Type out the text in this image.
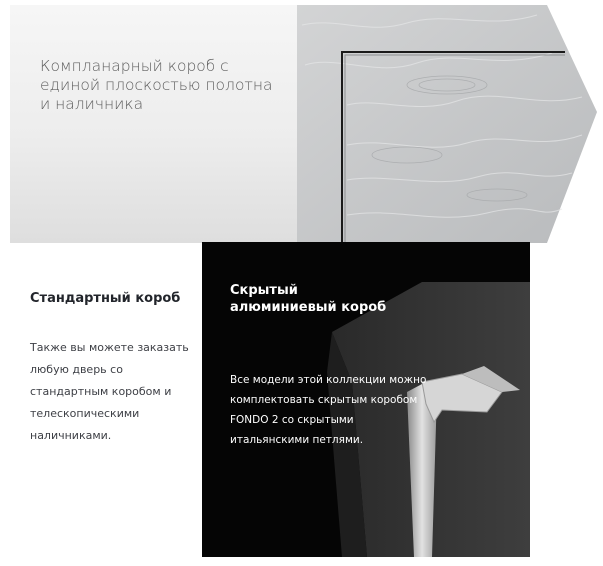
Компланарный короб с единой плоскостью полотна и наличника

Стандартный короб

Также вы можете заказать любую дверь со стандартным коробом и телескопическими наличниками.

Скрытый алюминиевый короб

Все модели этой коллекции можно комплектовать скрытым коробом FONDO 2 со скрытыми итальянскими петлями.
